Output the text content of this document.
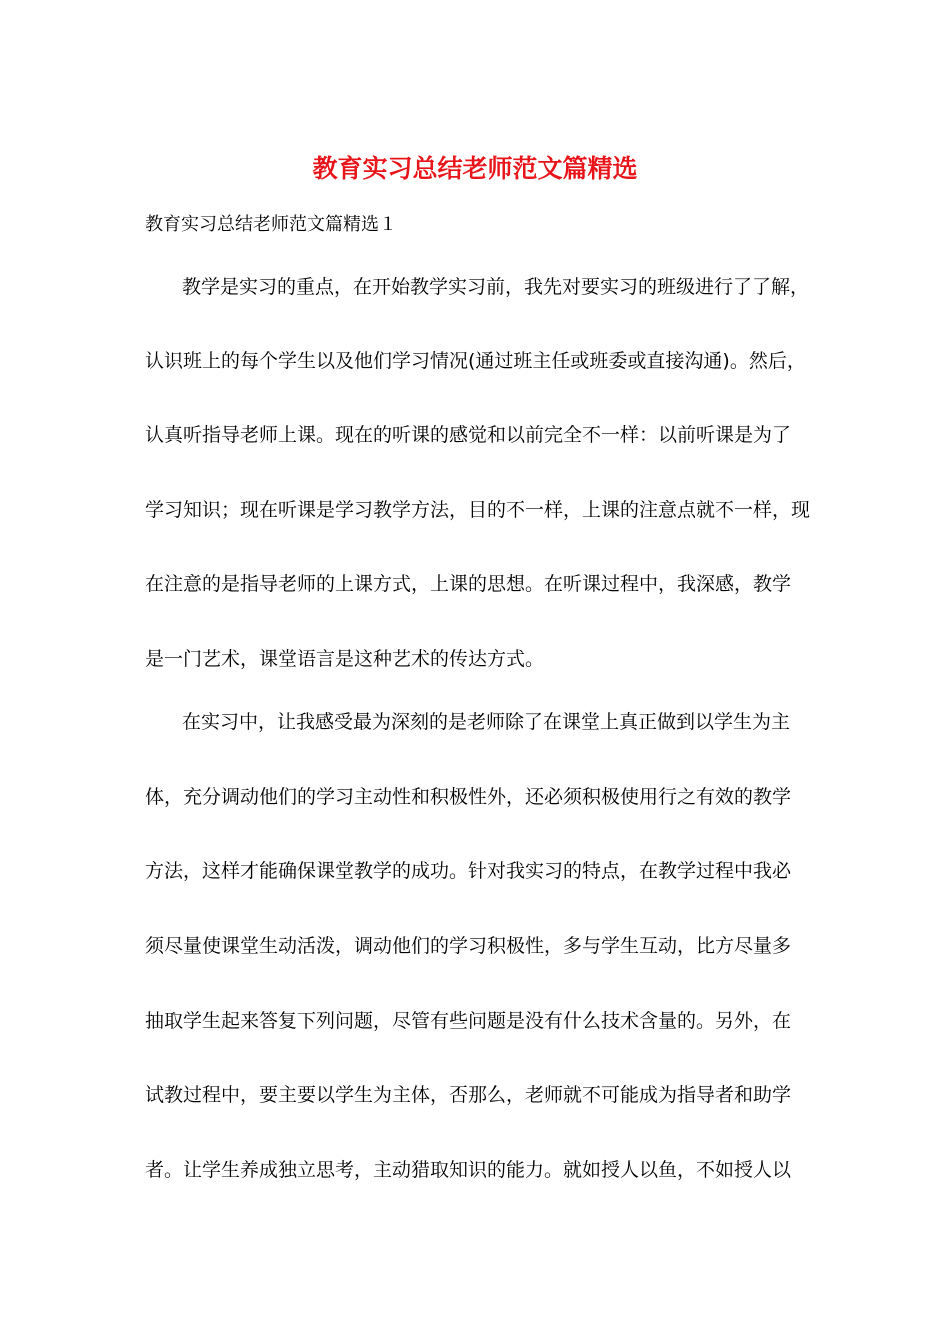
教育实习总结老师范文篇精选
教育实习总结老师范文篇精选１
教学是实习的重点，在开始教学实习前，我先对要实习的班级进行了了解，
认识班上的每个学生以及他们学习情况(通过班主任或班委或直接沟通)。然后，
认真听指导老师上课。现在的听课的感觉和以前完全不一样：以前听课是为了
学习知识；现在听课是学习教学方法，目的不一样，上课的注意点就不一样，现
在注意的是指导老师的上课方式，上课的思想。在听课过程中，我深感，教学
是一门艺术，课堂语言是这种艺术的传达方式。
在实习中，让我感受最为深刻的是老师除了在课堂上真正做到以学生为主
体，充分调动他们的学习主动性和积极性外，还必须积极使用行之有效的教学
方法，这样才能确保课堂教学的成功。针对我实习的特点，在教学过程中我必
须尽量使课堂生动活泼，调动他们的学习积极性，多与学生互动，比方尽量多
抽取学生起来答复下列问题，尽管有些问题是没有什么技术含量的。另外，在
试教过程中，要主要以学生为主体，否那么，老师就不可能成为指导者和助学
者。让学生养成独立思考，主动猎取知识的能力。就如授人以鱼，不如授人以
